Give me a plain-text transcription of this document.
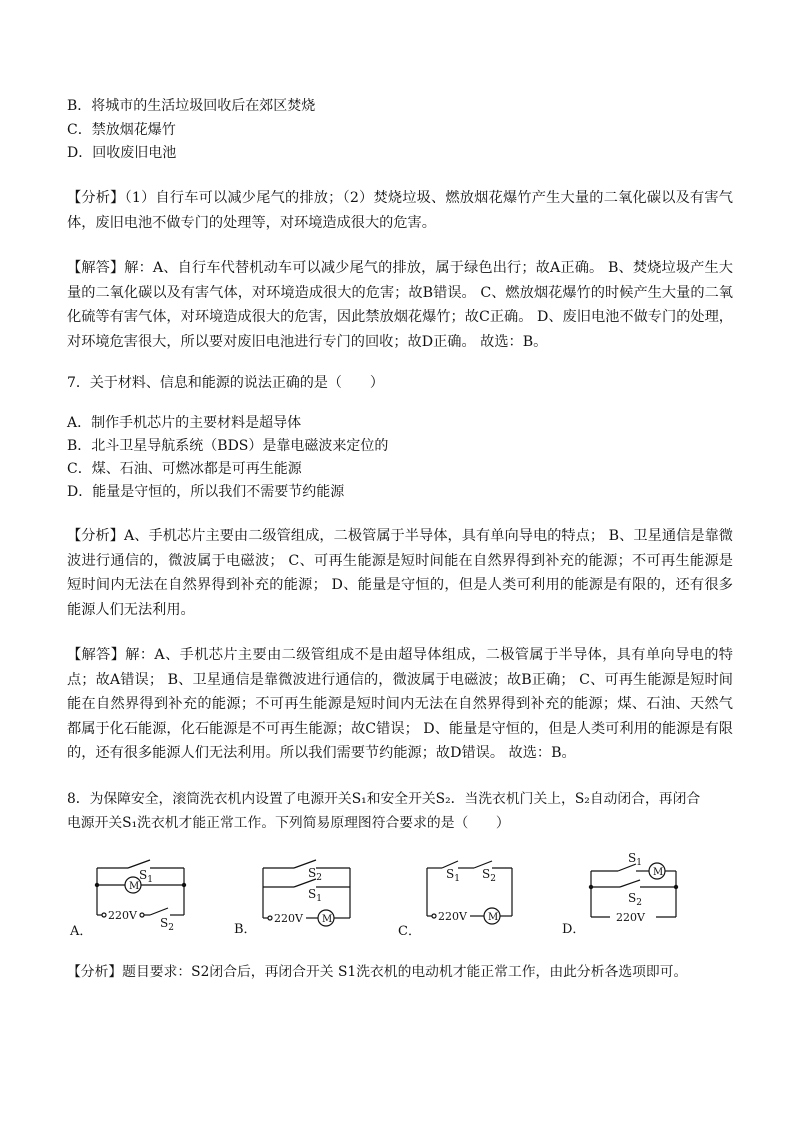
B．将城市的生活垃圾回收后在郊区焚烧
C．禁放烟花爆竹
D．回收废旧电池
【分析】（1）自行车可以减少尾气的排放；（2）焚烧垃圾、燃放烟花爆竹产生大量的二氧化碳以及有害气体，废旧电池不做专门的处理等，对环境造成很大的危害。
【解答】解：A、自行车代替机动车可以减少尾气的排放，属于绿色出行；故A正确。 B、焚烧垃圾产生大量的二氧化碳以及有害气体，对环境造成很大的危害；故B错误。 C、燃放烟花爆竹的时候产生大量的二氧化硫等有害气体，对环境造成很大的危害，因此禁放烟花爆竹；故C正确。 D、废旧电池不做专门的处理，对环境危害很大，所以要对废旧电池进行专门的回收；故D正确。 故选：B。
7．关于材料、信息和能源的说法正确的是（　　）
A．制作手机芯片的主要材料是超导体
B．北斗卫星导航系统（BDS）是靠电磁波来定位的
C．煤、石油、可燃冰都是可再生能源
D．能量是守恒的，所以我们不需要节约能源
【分析】A、手机芯片主要由二级管组成，二极管属于半导体，具有单向导电的特点； B、卫星通信是靠微波进行通信的，微波属于电磁波； C、可再生能源是短时间能在自然界得到补充的能源；不可再生能源是短时间内无法在自然界得到补充的能源； D、能量是守恒的，但是人类可利用的能源是有限的，还有很多能源人们无法利用。
【解答】解：A、手机芯片主要由二级管组成不是由超导体组成，二极管属于半导体，具有单向导电的特点；故A错误； B、卫星通信是靠微波进行通信的，微波属于电磁波；故B正确； C、可再生能源是短时间能在自然界得到补充的能源；不可再生能源是短时间内无法在自然界得到补充的能源；煤、石油、天然气都属于化石能源，化石能源是不可再生能源；故C错误； D、能量是守恒的，但是人类可利用的能源是有限的，还有很多能源人们无法利用。所以我们需要节约能源；故D错误。 故选：B。
8．为保障安全，滚筒洗衣机内设置了电源开关S₁和安全开关S₂．当洗衣机门关上，S₂自动闭合，再闭合
电源开关S₁洗衣机才能正常工作。下列简易原理图符合要求的是（　　）
$S_1$
M
220V
$S_2$
A．
$S_2$
$S_1$
220V M
B．
$S_1$ $S_2$
220V M
C．
$S_1$
M
$S_2$
220V
D．
【分析】题目要求：S2闭合后，再闭合开关 S1洗衣机的电动机才能正常工作，由此分析各选项即可。
